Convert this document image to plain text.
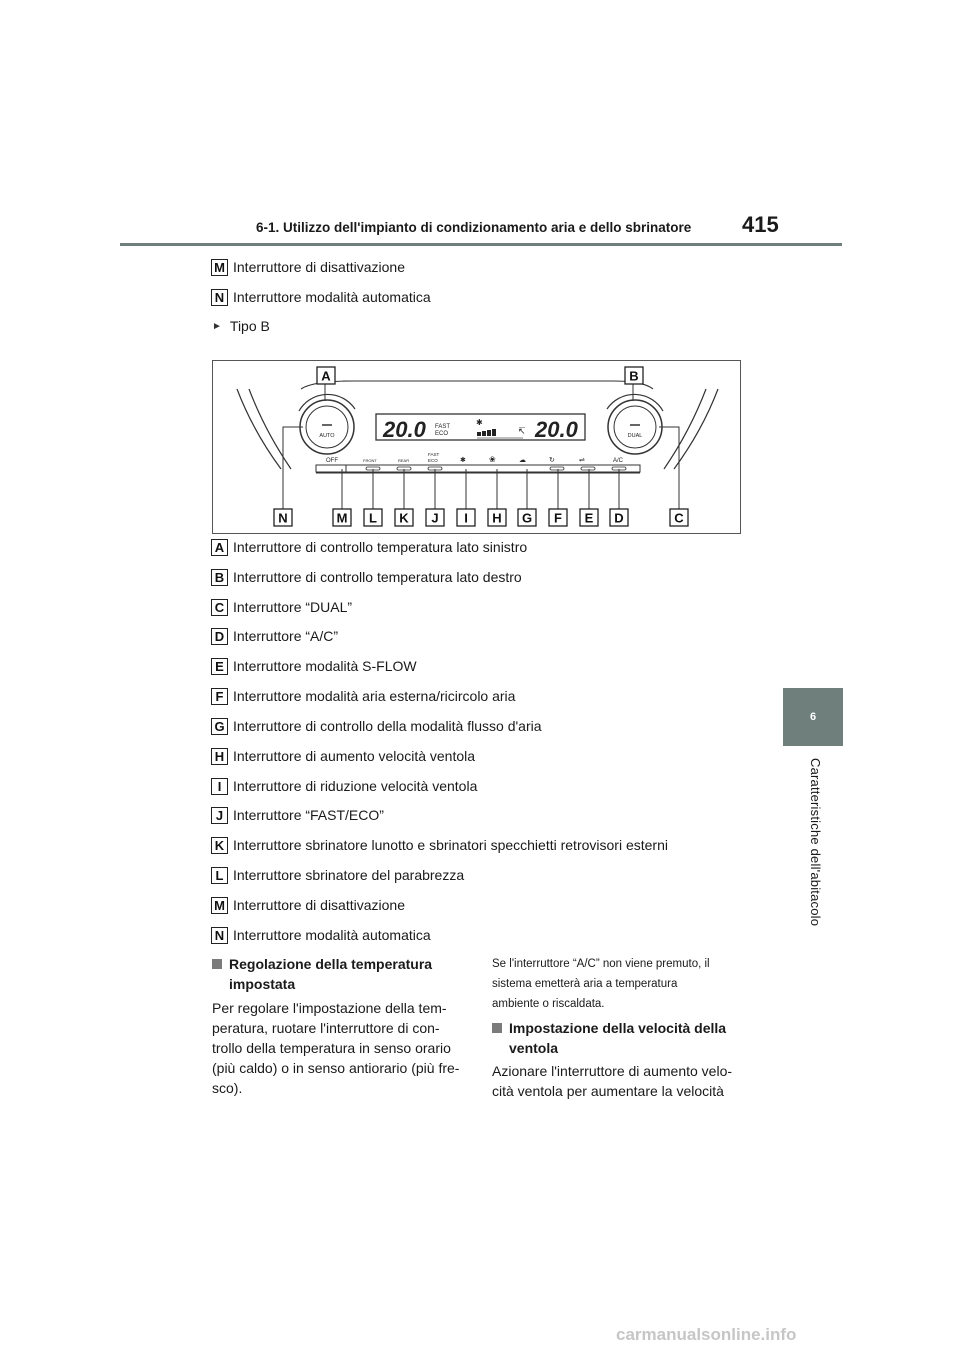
6-1. Utilizzo dell'impianto di condizionamento aria e dello sbrinatore 415
6
Caratteristiche dell'abitacolo
M Interruttore di disattivazione
N Interruttore modalità automatica
► Tipo B
AUTO	DUAL
20.0	20.0
FAST
ECO
✱
↸
OFF	FRONT	REAR
FAST
ECO	✱	❀	☁	↻	⇌	A/C
A	B
N	M L K J I H G F E D	C
A Interruttore di controllo temperatura lato sinistro
B Interruttore di controllo temperatura lato destro
C Interruttore “DUAL”
D Interruttore “A/C”
E Interruttore modalità S-FLOW
F Interruttore modalità aria esterna/ricircolo aria
G Interruttore di controllo della modalità flusso d'aria
H Interruttore di aumento velocità ventola
I Interruttore di riduzione velocità ventola
J Interruttore “FAST/ECO”
K Interruttore sbrinatore lunotto e sbrinatori specchietti retrovisori esterni
L Interruttore sbrinatore del parabrezza
M Interruttore di disattivazione
N Interruttore modalità automatica
Regolazione della temperatura
impostata
Per regolare l'impostazione della tem-
peratura, ruotare l'interruttore di con-
trollo della temperatura in senso orario
(più caldo) o in senso antiorario (più fre-
sco).
Se l'interruttore “A/C” non viene premuto, il
sistema emetterà aria a temperatura
ambiente o riscaldata.
Impostazione della velocità della
ventola
Azionare l'interruttore di aumento velo-
cità ventola per aumentare la velocità
carmanualsonline.info
